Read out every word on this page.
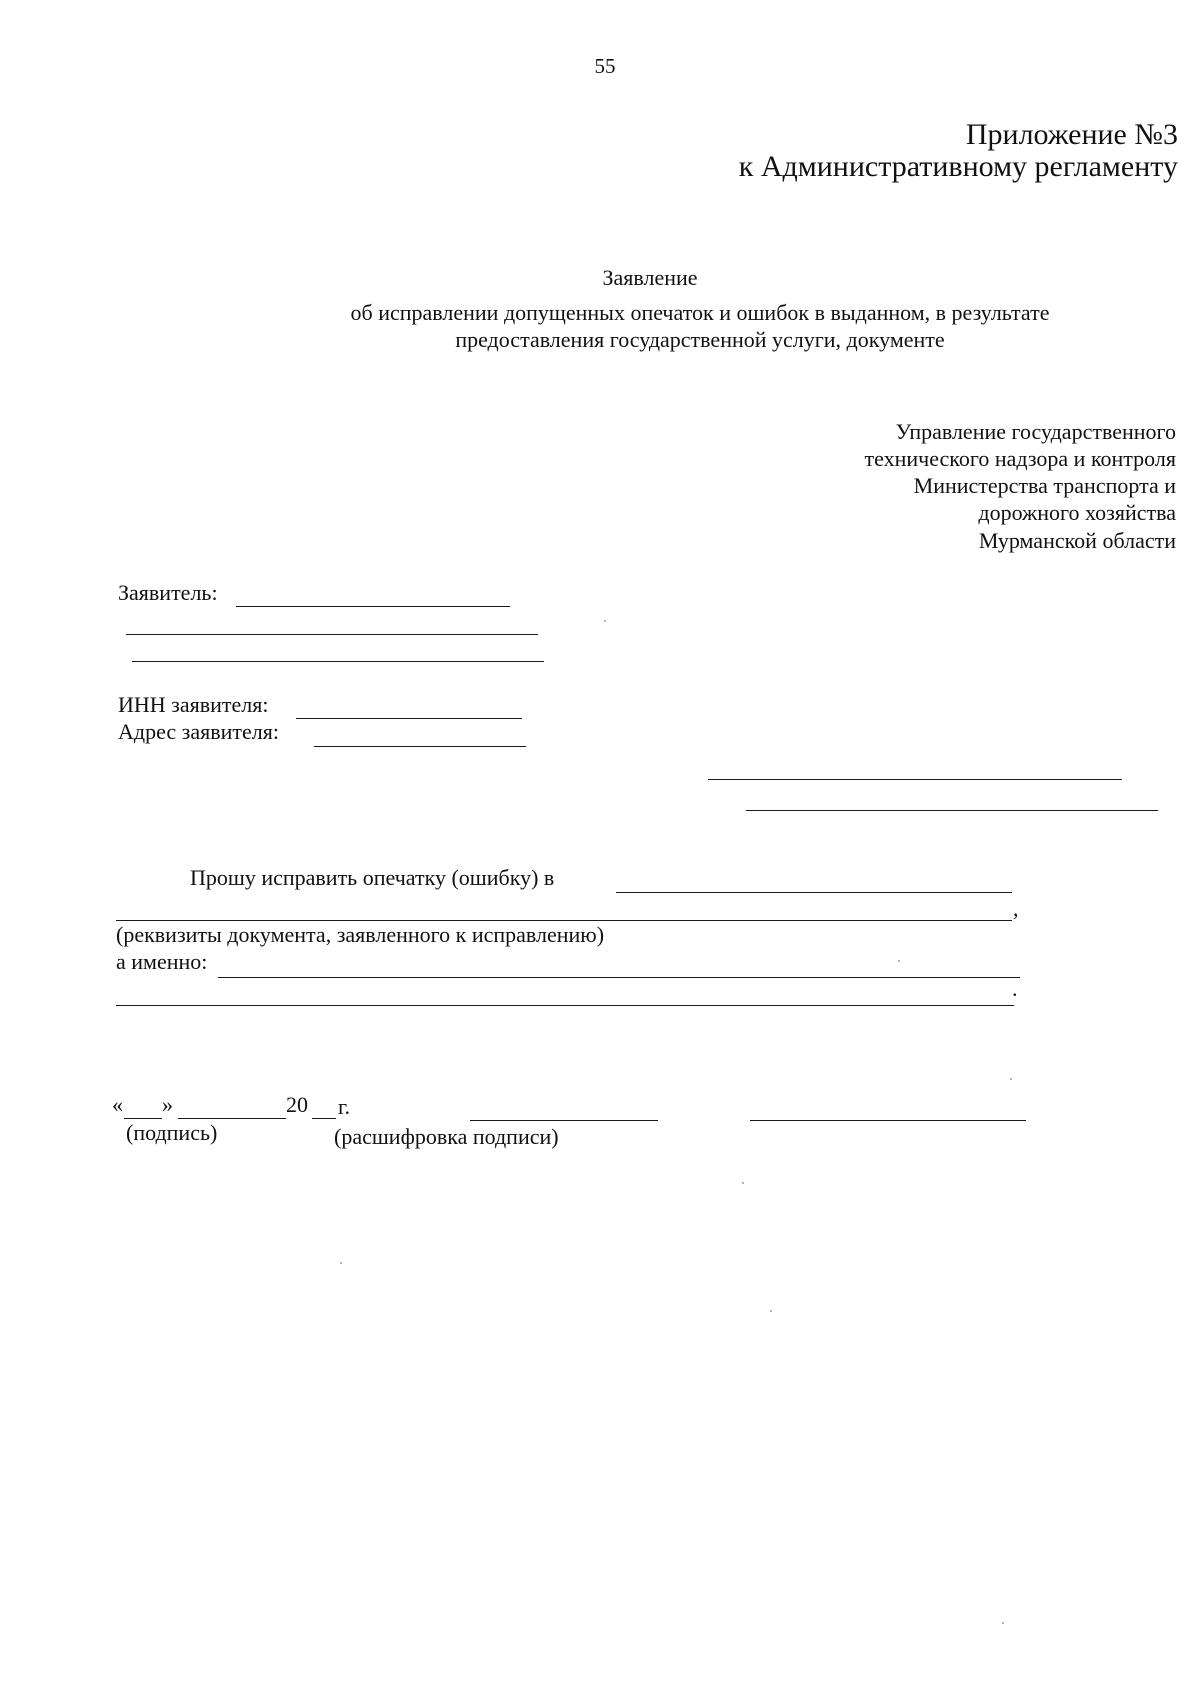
55
Приложение №3
к Административному регламенту
Заявление
об исправлении допущенных опечаток и ошибок в выданном, в результате
предоставления государственной услуги, документе
Управление государственного
технического надзора и контроля
Министерства транспорта и
дорожного хозяйства
Мурманской области
Заявитель:
ИНН заявителя:
Адрес заявителя:
Прошу исправить опечатку (ошибку) в
,
(реквизиты документа, заявленного к исправлению)
а именно:
.
« »	20 г.
(подпись)	(расшифровка подписи)
